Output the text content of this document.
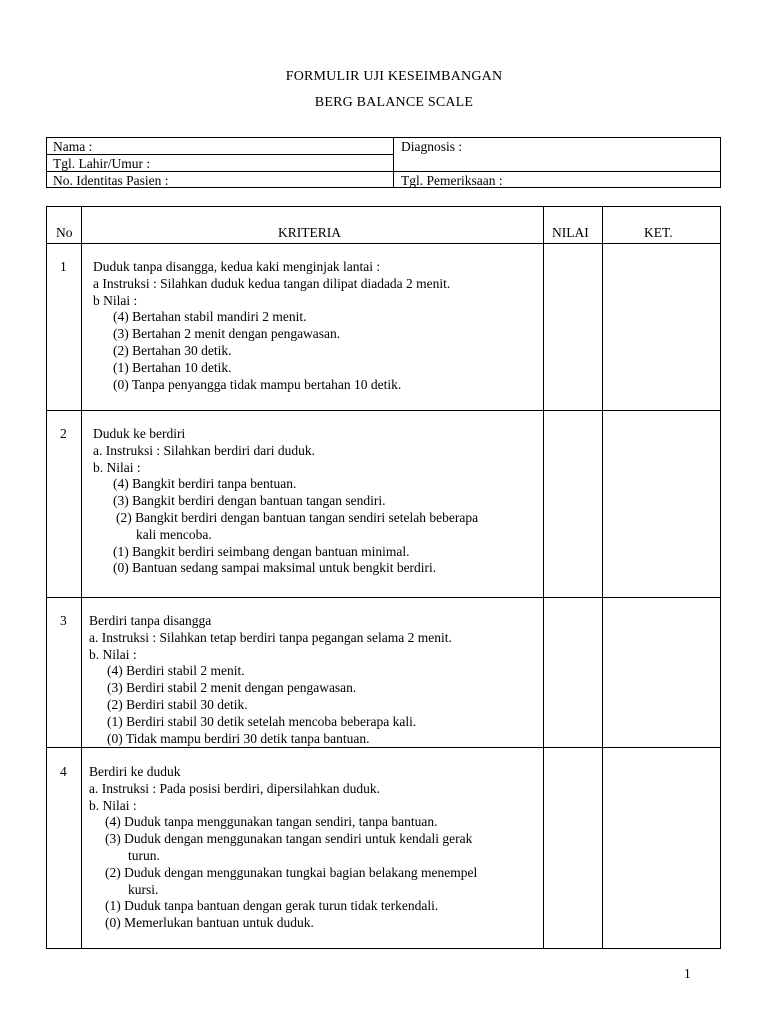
FORMULIR UJI KESEIMBANGAN
BERG BALANCE SCALE
Nama :
Tgl. Lahir/Umur :
No. Identitas Pasien :
Diagnosis :
Tgl. Pemeriksaan :
No	KRITERIA	NILAI	KET.
1 Duduk tanpa disangga, kedua kaki menginjak lantai :
a Instruksi : Silahkan duduk kedua tangan dilipat diadada 2 menit.
b Nilai :
(4) Bertahan stabil mandiri 2 menit.
(3) Bertahan 2 menit dengan pengawasan.
(2) Bertahan 30 detik.
(1) Bertahan 10 detik.
(0) Tanpa penyangga tidak mampu bertahan 10 detik.
2 Duduk ke berdiri
a. Instruksi : Silahkan berdiri dari duduk.
b. Nilai :
(4) Bangkit berdiri tanpa bentuan.
(3) Bangkit berdiri dengan bantuan tangan sendiri.
(2) Bangkit berdiri dengan bantuan tangan sendiri setelah beberapa
kali mencoba.
(1) Bangkit berdiri seimbang dengan bantuan minimal.
(0) Bantuan sedang sampai maksimal untuk bengkit berdiri.
3 Berdiri tanpa disangga
a. Instruksi : Silahkan tetap berdiri tanpa pegangan selama 2 menit.
b. Nilai :
(4) Berdiri stabil 2 menit.
(3) Berdiri stabil 2 menit dengan pengawasan.
(2) Berdiri stabil 30 detik.
(1) Berdiri stabil 30 detik setelah mencoba beberapa kali.
(0) Tidak mampu berdiri 30 detik tanpa bantuan.
4 Berdiri ke duduk
a. Instruksi : Pada posisi berdiri, dipersilahkan duduk.
b. Nilai :
(4) Duduk tanpa menggunakan tangan sendiri, tanpa bantuan.
(3) Duduk dengan menggunakan tangan sendiri untuk kendali gerak
turun.
(2) Duduk dengan menggunakan tungkai bagian belakang menempel
kursi.
(1) Duduk tanpa bantuan dengan gerak turun tidak terkendali.
(0) Memerlukan bantuan untuk duduk.
1
